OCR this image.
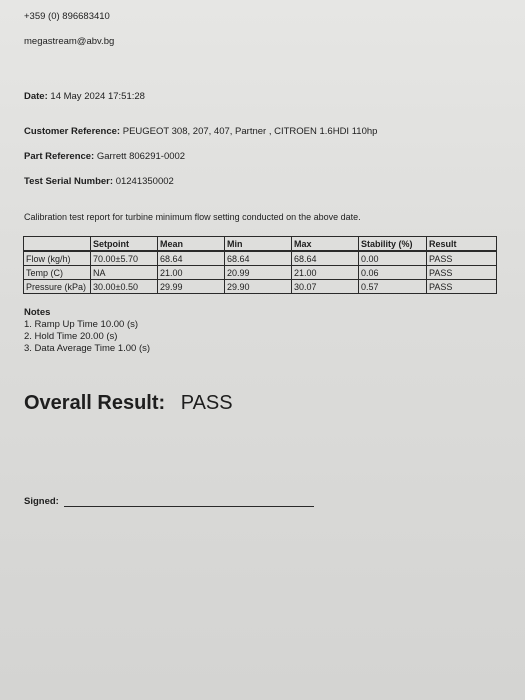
+359 (0) 896683410
megastream@abv.bg
Date: 14 May 2024 17:51:28
Customer Reference: PEUGEOT 308, 207, 407, Partner , CITROEN 1.6HDI 110hp
Part Reference: Garrett 806291-0002
Test Serial Number: 01241350002
Calibration test report for turbine minimum flow setting conducted on the above date.
	Setpoint	Mean	Min	Max	Stability (%)	Result
Flow (kg/h)	70.00±5.70	68.64	68.64	68.64	0.00	PASS
Temp (C)	NA	21.00	20.99	21.00	0.06	PASS
Pressure (kPa)	30.00±0.50	29.99	29.90	30.07	0.57	PASS
Notes
1. Ramp Up Time 10.00 (s)
2. Hold Time 20.00 (s)
3. Data Average Time 1.00 (s)
Overall Result: PASS
Signed:
